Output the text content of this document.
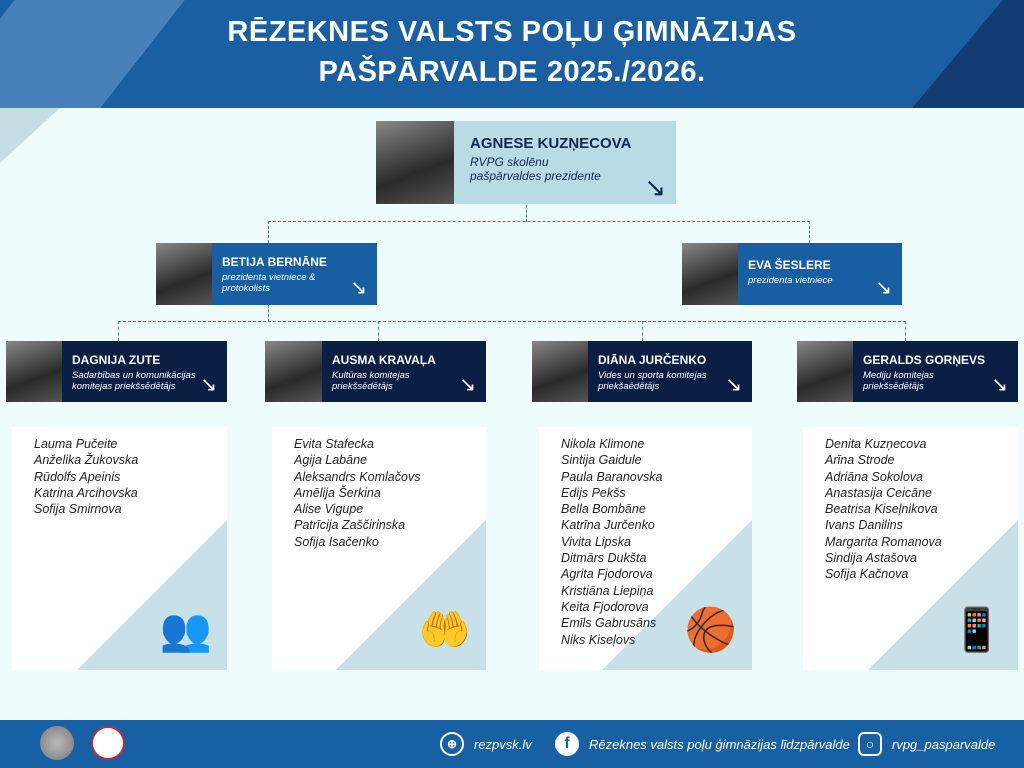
RĒZEKNES VALSTS POĻU ĢIMNĀZIJAS
PAŠPĀRVALDE 2025./2026.
AGNESE KUZŅECOVA
RVPG skolēnu pašpārvaldes prezidente	↘
BETIJA BERNĀNE
prezidenta vietniece & protokolists	↘
EVA ŠESLERE
prezidenta vietniece	↘
DAGNIJA ZUTE
Sadarbības un komunikācijas komitejas priekšsēdētājs	↘
AUSMA KRAVAĻA
Kultūras komitejas priekšsēdētājs	↘
DIĀNA JURČENKO
Vides un sporta komitejas priekšaēdētājs	↘
GERALDS GORŅEVS
Mediju komitejas priekšsēdētājs	↘
Lauma Pučeite
Anželika Žukovska
Rūdolfs Apeinis
Katrina Arcihovska
Sofija Smirnova
👥
Evita Stafecka
Agija Labāne
Aleksandrs Komlačovs
Amēlija Šerkina
Alise Vigupe
Patrīcija Zaščirinska
Sofija Isačenko
🤲
Nikola Klimone
Sintija Gaidule
Paula Baranovska
Edijs Pekšs
Bella Bombāne
Katrīna Jurčenko
Vivita Lipska
Ditmārs Dukšta
Agrita Fjodorova
Kristiāna Liepiņa
Keita Fjodorova
Emīls Gabrusāns
Niks Kiseļovs	🏀
Denita Kuzņecova
Arīna Strode
Adriāna Sokolova
Anastasija Ceicāne
Beatrisa Kiseļnikova
Ivans Danilins
Margarita Romanova
Sindija Astašova
Sofija Kačnova
📱
⊕	rezpvsk.lv	f	Rēzeknes valsts poļu ģimnāzijas līdzpārvalde	○	rvpg_pasparvalde
